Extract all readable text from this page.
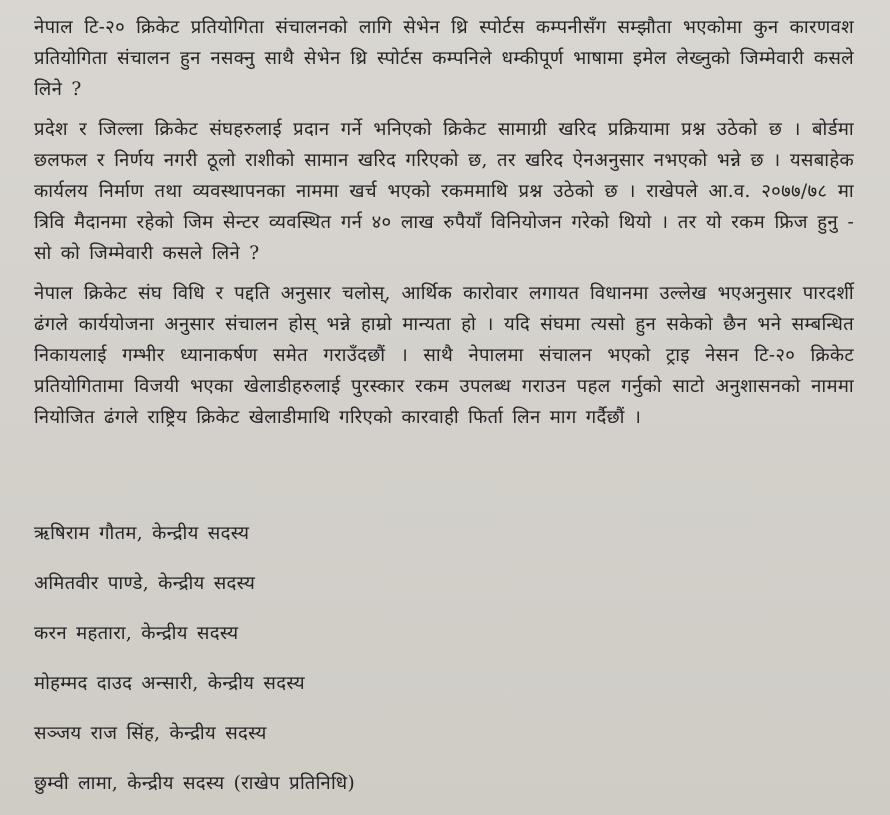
नेपाल टि-२० क्रिकेट प्रतियोगिता संचालनको लागि सेभेन थ्रि स्पोर्टस कम्पनीसँग सम्झौता भएकोमा कुन कारणवश प्रतियोगिता संचालन हुन नसक्नु साथै सेभेन थ्रि स्पोर्टस कम्पनिले धम्कीपूर्ण भाषामा इमेल लेख्नुको जिम्मेवारी कसले लिने ?

प्रदेश र जिल्ला क्रिकेट संघहरुलाई प्रदान गर्ने भनिएको क्रिकेट सामाग्री खरिद प्रक्रियामा प्रश्न उठेको छ । बोर्डमा छलफल र निर्णय नगरी ठूलो राशीको सामान खरिद गरिएको छ, तर खरिद ऐनअनुसार नभएको भन्ने छ । यसबाहेक कार्यलय निर्माण तथा व्यवस्थापनका नाममा खर्च भएको रकममाथि प्रश्न उठेको छ । राखेपले आ.व. २०७७/७८ मा त्रिवि मैदानमा रहेको जिम सेन्टर व्यवस्थित गर्न ४० लाख रुपैयाँ विनियोजन गरेको थियो । तर यो रकम फ्रिज हुनु - सो को जिम्मेवारी कसले लिने ?

नेपाल क्रिकेट संघ विधि र पद्दति अनुसार चलोस्, आर्थिक कारोवार लगायत विधानमा उल्लेख भएअनुसार पारदर्शी ढंगले कार्ययोजना अनुसार संचालन होस् भन्ने हाम्रो मान्यता हो । यदि संघमा त्यसो हुन सकेको छैन भने सम्बन्धित निकायलाई गम्भीर ध्यानाकर्षण समेत गराउँदछौं । साथै नेपालमा संचालन भएको ट्राइ नेसन टि-२० क्रिकेट प्रतियोगितामा विजयी भएका खेलाडीहरुलाई पुरस्कार रकम उपलब्ध गराउन पहल गर्नुको साटो अनुशासनको नाममा नियोजित ढंगले राष्ट्रिय क्रिकेट खेलाडीमाथि गरिएको कारवाही फिर्ता लिन माग गर्दैछौं ।

ऋषिराम गौतम, केन्द्रीय सदस्य
अमितवीर पाण्डे, केन्द्रीय सदस्य
करन महतारा, केन्द्रीय सदस्य
मोहम्मद दाउद अन्सारी, केन्द्रीय सदस्य
सञ्जय राज सिंह, केन्द्रीय सदस्य
छुम्वी लामा, केन्द्रीय सदस्य (राखेप प्रतिनिधि)
